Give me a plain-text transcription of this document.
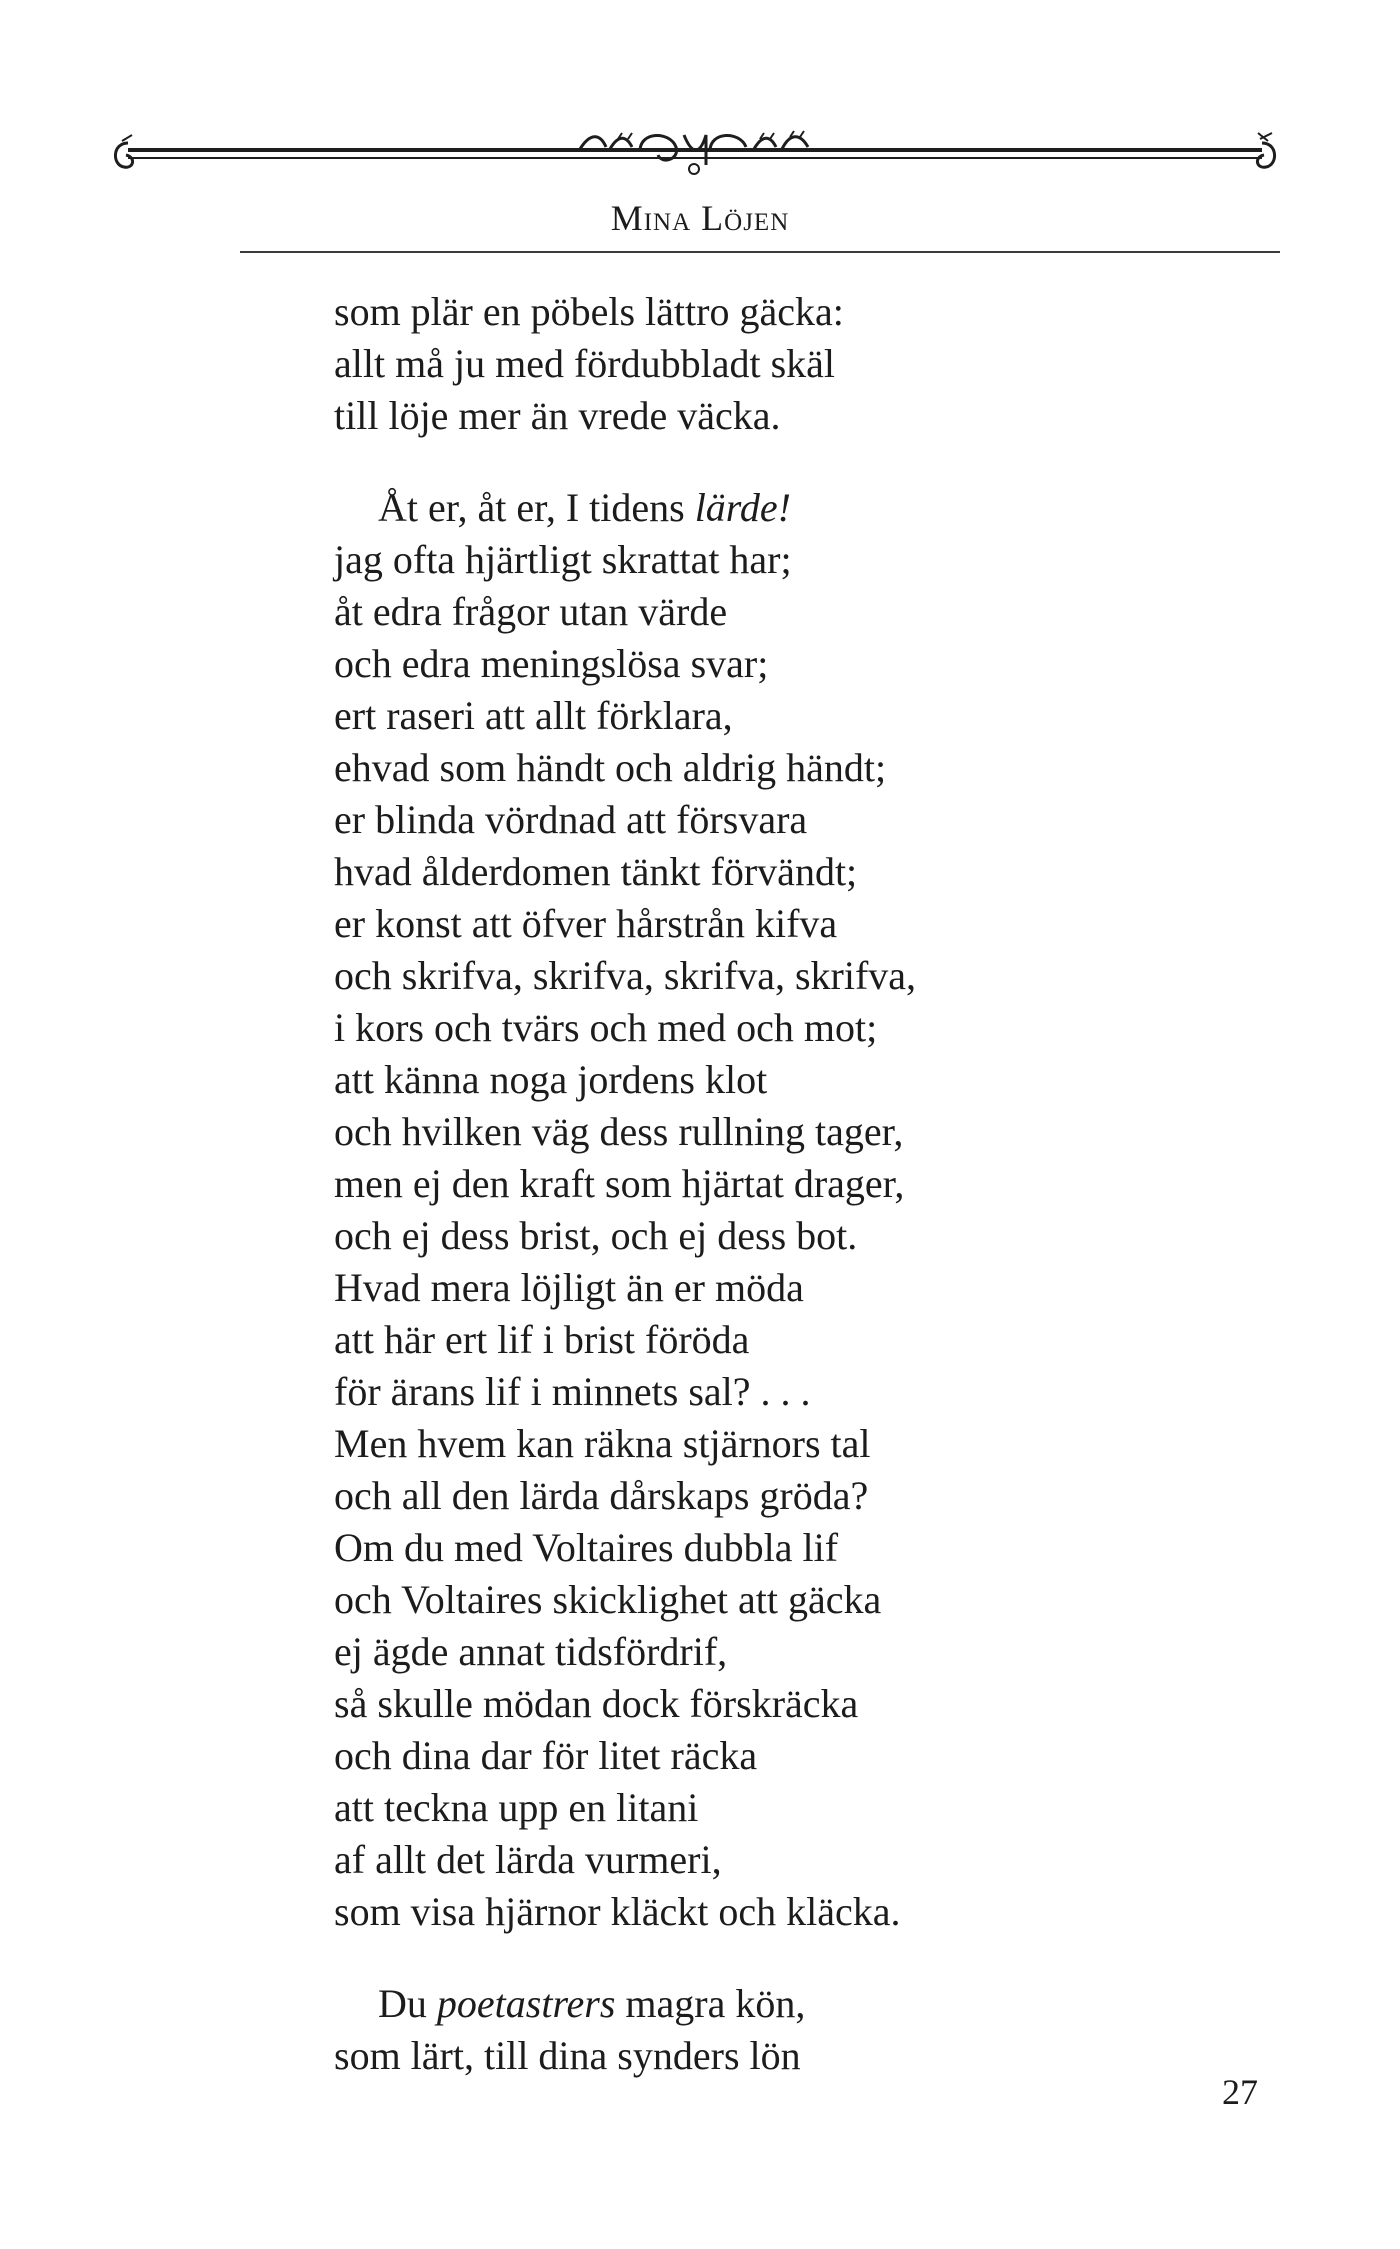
Mina Löjen
som plär en pöbels lättro gäcka:
allt må ju med fördubbladt skäl
till löje mer än vrede väcka.
Åt er, åt er, I tidens lärde!
jag ofta hjärtligt skrattat har;
åt edra frågor utan värde
och edra meningslösa svar;
ert raseri att allt förklara,
ehvad som händt och aldrig händt;
er blinda vördnad att försvara
hvad ålderdomen tänkt förvändt;
er konst att öfver hårstrån kifva
och skrifva, skrifva, skrifva, skrifva,
i kors och tvärs och med och mot;
att känna noga jordens klot
och hvilken väg dess rullning tager,
men ej den kraft som hjärtat drager,
och ej dess brist, och ej dess bot.
Hvad mera löjligt än er möda
att här ert lif i brist föröda
för ärans lif i minnets sal? . . .
Men hvem kan räkna stjärnors tal
och all den lärda dårskaps gröda?
Om du med Voltaires dubbla lif
och Voltaires skicklighet att gäcka
ej ägde annat tidsfördrif,
så skulle mödan dock förskräcka
och dina dar för litet räcka
att teckna upp en litani
af allt det lärda vurmeri,
som visa hjärnor kläckt och kläcka.
Du poetastrers magra kön,
som lärt, till dina synders lön
27
